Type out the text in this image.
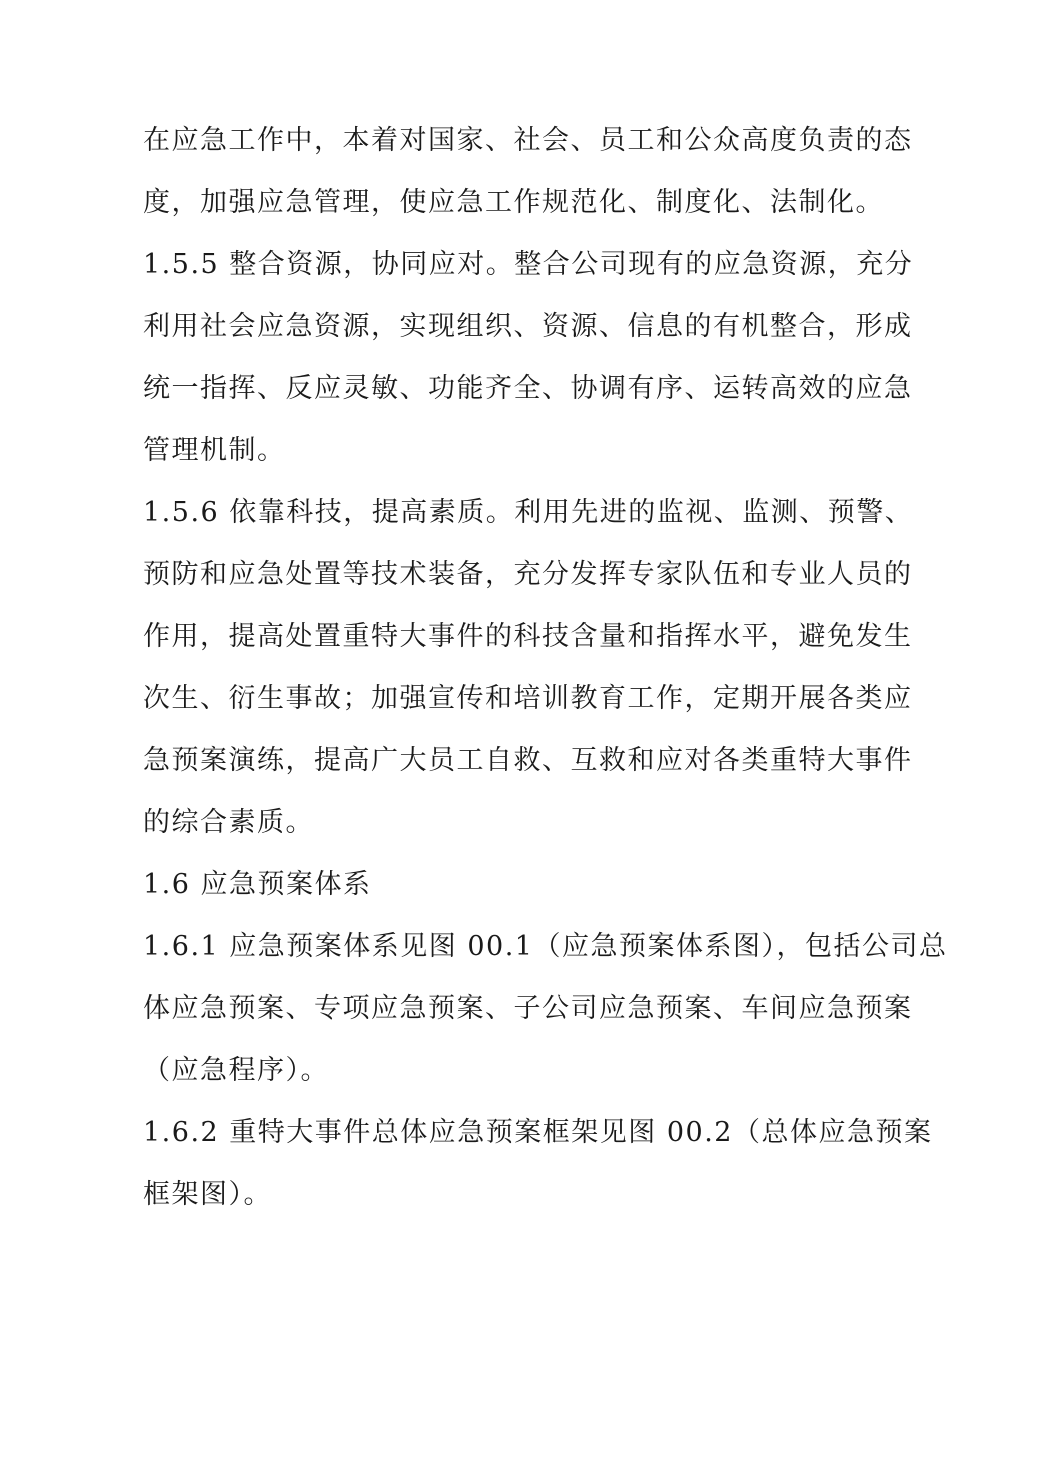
在应急工作中，本着对国家、社会、员工和公众高度负责的态
度，加强应急管理，使应急工作规范化、制度化、法制化。
1.5.5 整合资源，协同应对。整合公司现有的应急资源，充分
利用社会应急资源，实现组织、资源、信息的有机整合，形成
统一指挥、反应灵敏、功能齐全、协调有序、运转高效的应急
管理机制。
1.5.6 依靠科技，提高素质。利用先进的监视、监测、预警、
预防和应急处置等技术装备，充分发挥专家队伍和专业人员的
作用，提高处置重特大事件的科技含量和指挥水平，避免发生
次生、衍生事故；加强宣传和培训教育工作，定期开展各类应
急预案演练，提高广大员工自救、互救和应对各类重特大事件
的综合素质。
1.6 应急预案体系
1.6.1 应急预案体系见图 00.1（应急预案体系图），包括公司总
体应急预案、专项应急预案、子公司应急预案、车间应急预案
（应急程序）。
1.6.2 重特大事件总体应急预案框架见图 00.2（总体应急预案
框架图）。
